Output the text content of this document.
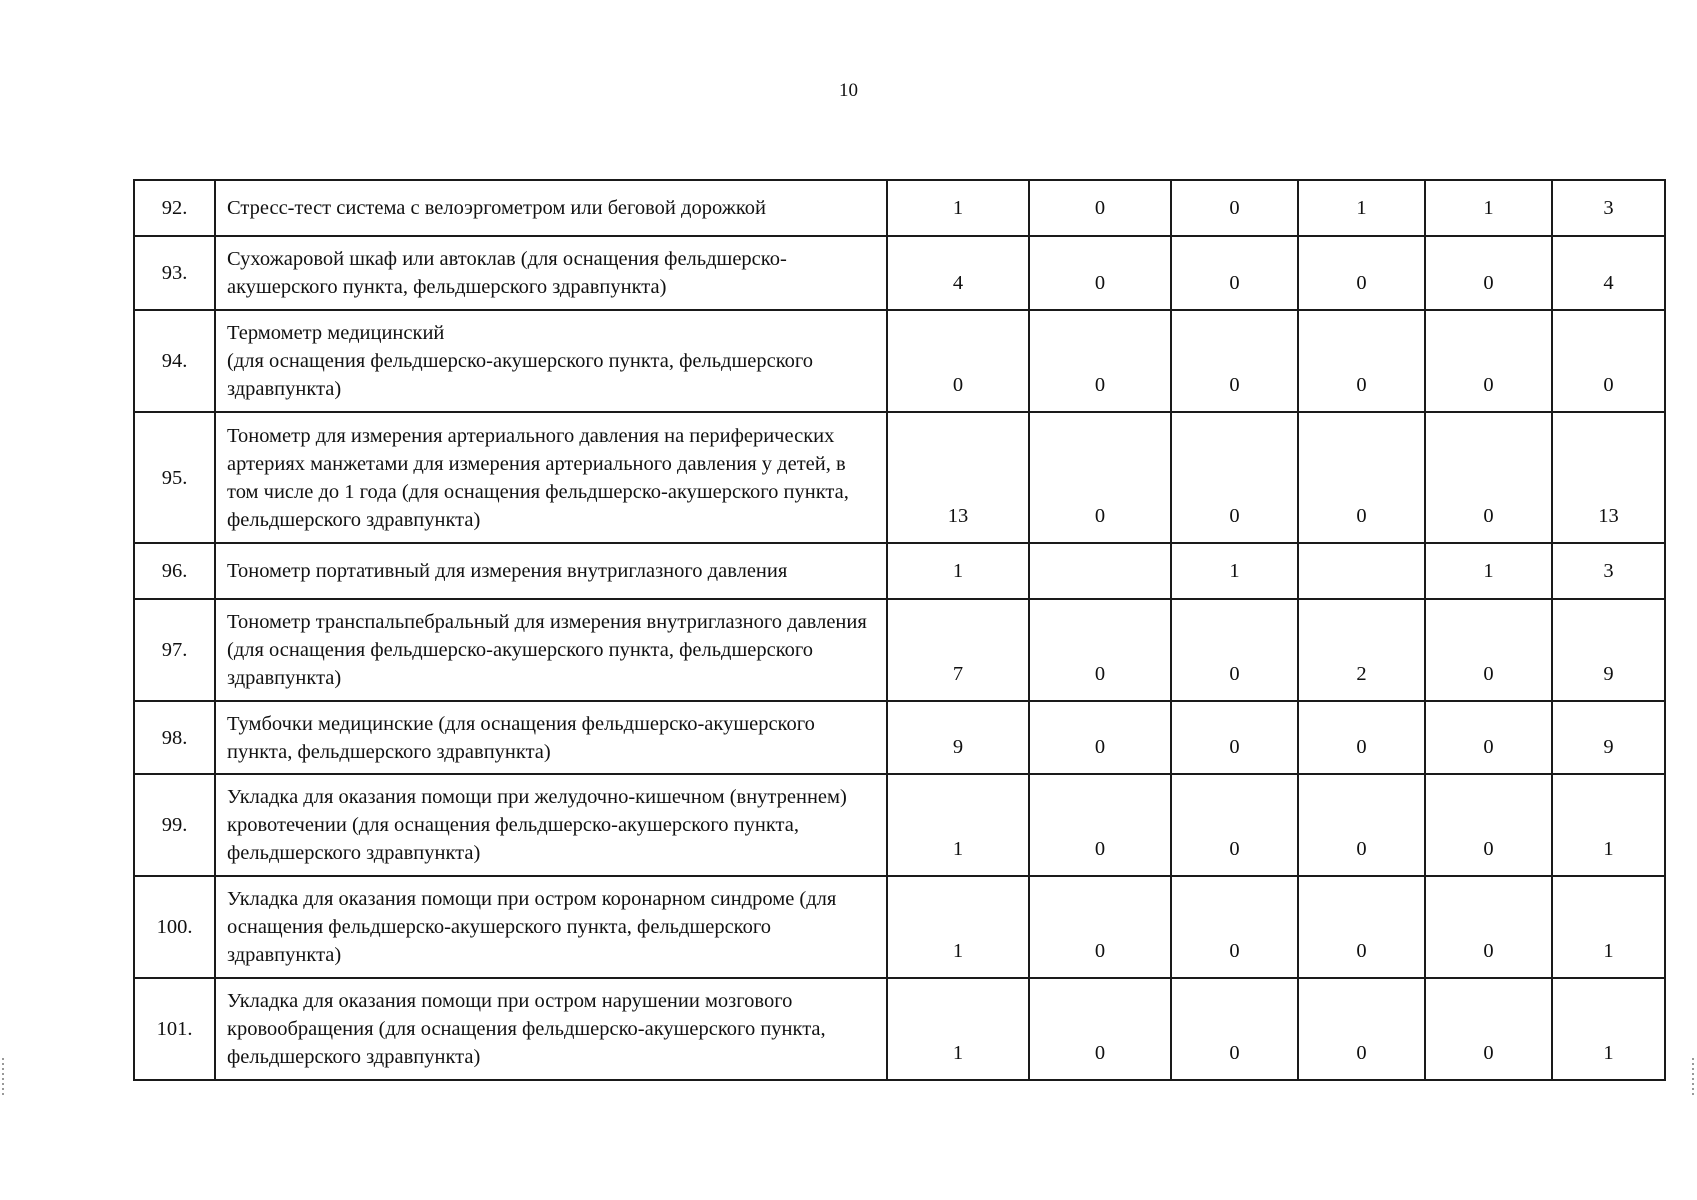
10
92.	Стресс-тест система с велоэргометром или беговой дорожкой	1	0	0	1	1	3
93.	Сухожаровой шкаф или автоклав (для оснащения фельдшерско-акушерского пункта, фельдшерского здравпункта)	4	0	0	0	0	4
94.	Термометр медицинский
(для оснащения фельдшерско-акушерского пункта, фельдшерского здравпункта)	0	0	0	0	0	0
95.	Тонометр для измерения артериального давления на периферических артериях манжетами для измерения артериального давления у детей, в том числе до 1 года (для оснащения фельдшерско-акушерского пункта, фельдшерского здравпункта)	13	0	0	0	0	13
96.	Тонометр портативный для измерения внутриглазного давления	1		1		1	3
97.	Тонометр транспальпебральный для измерения внутриглазного давления (для оснащения фельдшерско-акушерского пункта, фельдшерского здравпункта)	7	0	0	2	0	9
98.	Тумбочки медицинские (для оснащения фельдшерско-акушерского пункта, фельдшерского здравпункта)	9	0	0	0	0	9
99.	Укладка для оказания помощи при желудочно-кишечном (внутреннем) кровотечении (для оснащения фельдшерско-акушерского пункта, фельдшерского здравпункта)	1	0	0	0	0	1
100.	Укладка для оказания помощи при остром коронарном синдроме (для оснащения фельдшерско-акушерского пункта, фельдшерского здравпункта)	1	0	0	0	0	1
101.	Укладка для оказания помощи при остром нарушении мозгового кровообращения (для оснащения фельдшерско-акушерского пункта, фельдшерского здравпункта)	1	0	0	0	0	1
